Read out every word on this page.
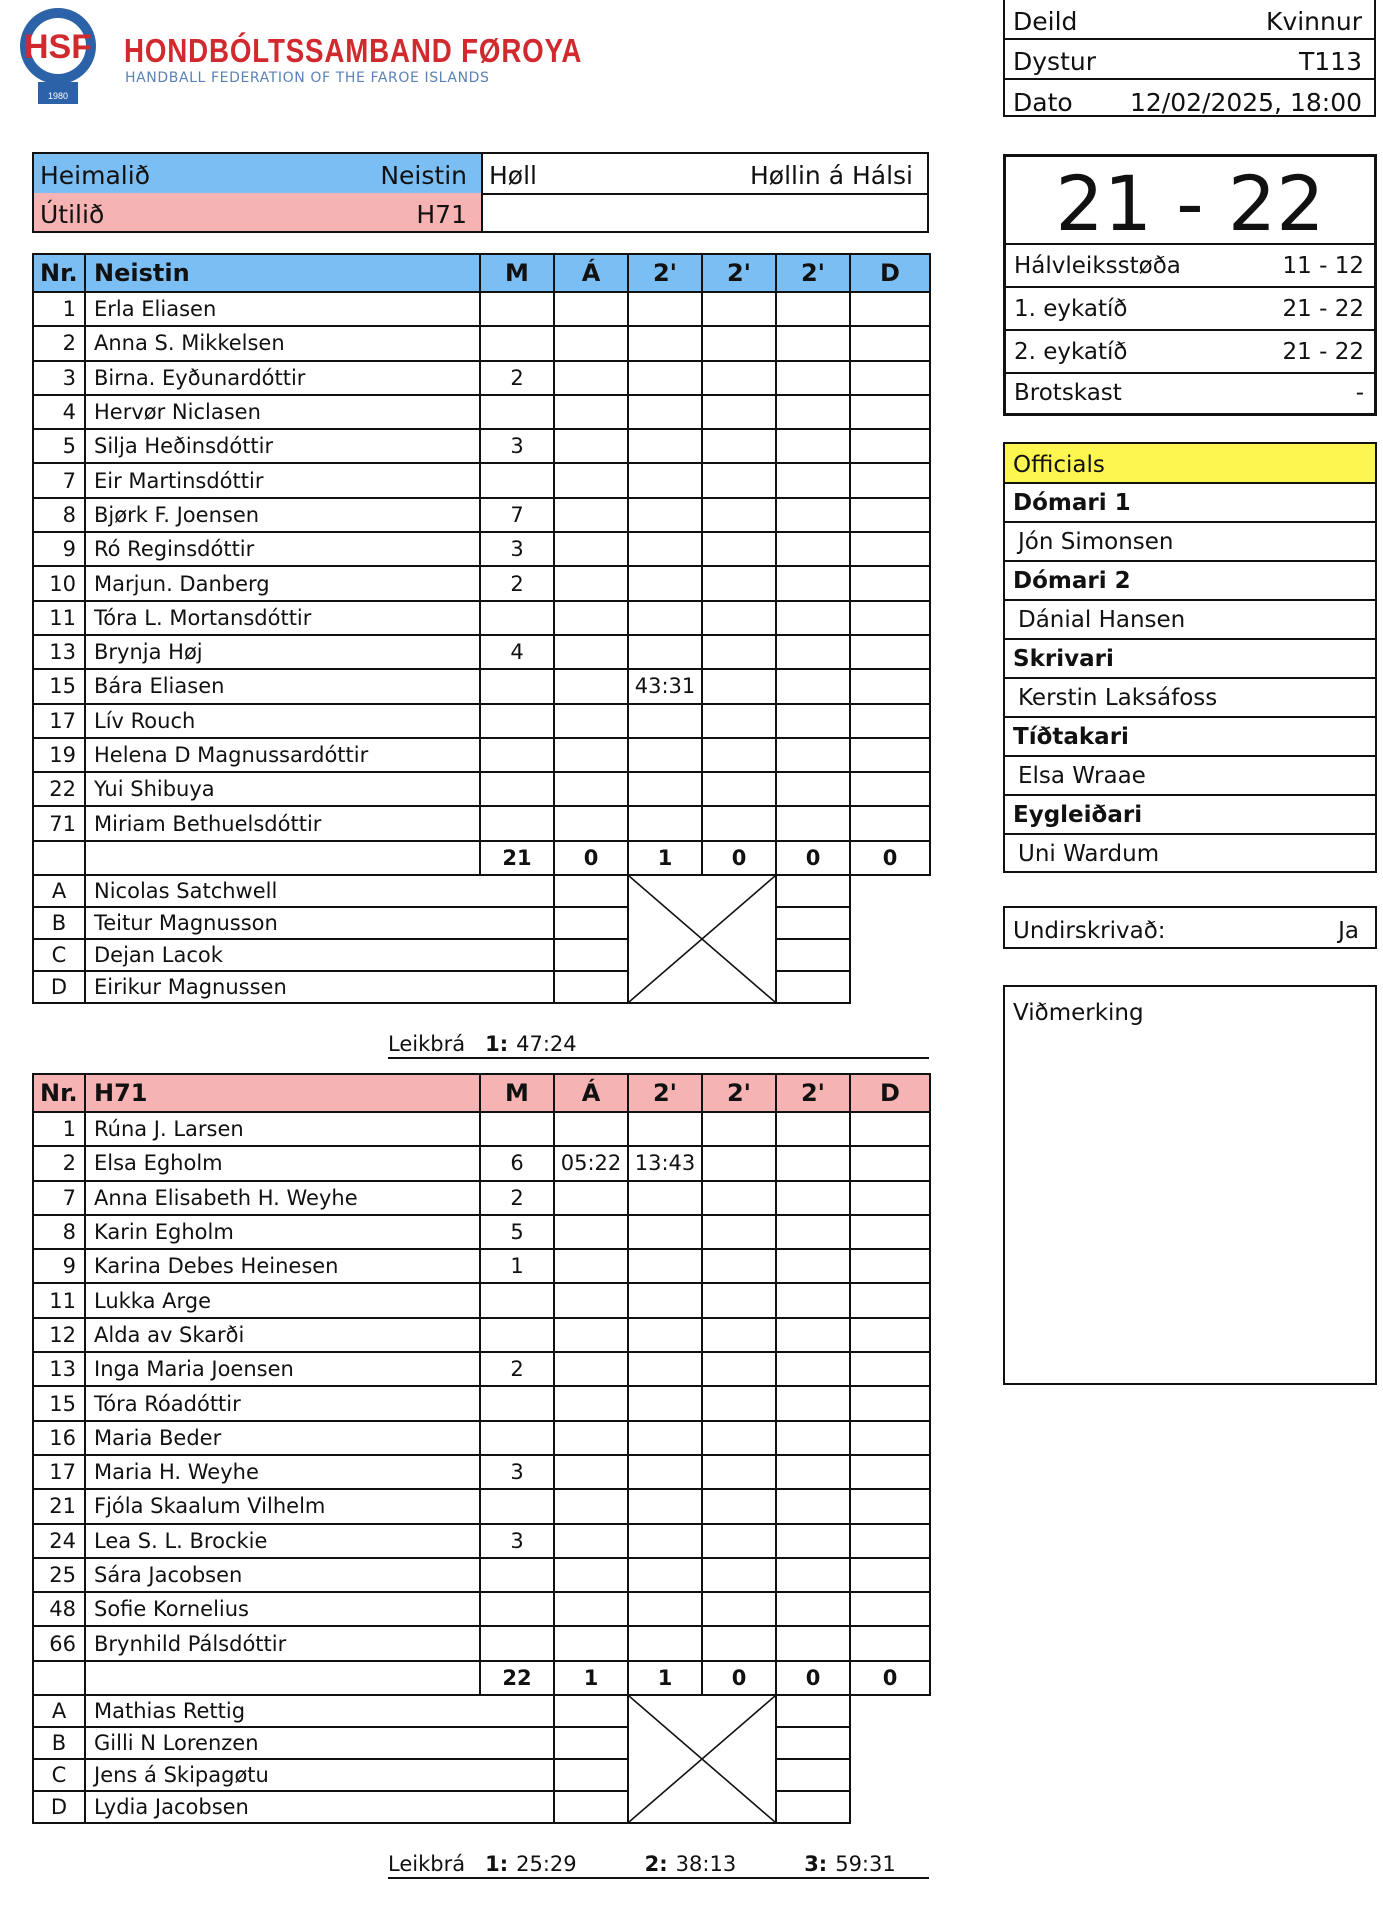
HSF
1980
HONDBÓLTSSAMBAND FØROYA
HANDBALL FEDERATION OF THE FAROE ISLANDS
Deild	Kvinnur
Dystur	T113
Dato 12/02/2025, 18:00
Heimalið	Neistin
Útilið	H71
Høll	Høllin á Hálsi
Nr.	Neistin	M	Á	2'	2'	2'	D
1	Erla Eliasen						
2	Anna S. Mikkelsen						
3	Birna. Eyðunardóttir	2					
4	Hervør Niclasen						
5	Silja Heðinsdóttir	3					
7	Eir Martinsdóttir						
8	Bjørk F. Joensen	7					
9	Ró Reginsdóttir	3					
10	Marjun. Danberg	2					
11	Tóra L. Mortansdóttir						
13	Brynja Høj	4					
15	Bára Eliasen			43:31			
17	Lív Rouch						
19	Helena D Magnussardóttir						
22	Yui Shibuya						
71	Miriam Bethuelsdóttir						
		21	0	1	0	0	0
A	Nicolas Satchwell		

B	Teitur Magnusson						
C	Dejan Lacok						
D	Eirikur Magnussen						
Leikbrá 1: 47:24
Nr.	H71	M	Á	2'	2'	2'	D
1	Rúna J. Larsen						
2	Elsa Egholm	6	05:22	13:43			
7	Anna Elisabeth H. Weyhe	2					
8	Karin Egholm	5					
9	Karina Debes Heinesen	1					
11	Lukka Arge						
12	Alda av Skarði						
13	Inga Maria Joensen	2					
15	Tóra Róadóttir						
16	Maria Beder						
17	Maria H. Weyhe	3					
21	Fjóla Skaalum Vilhelm						
24	Lea S. L. Brockie	3					
25	Sára Jacobsen						
48	Sofie Kornelius						
66	Brynhild Pálsdóttir						
		22	1	1	0	0	0
A	Mathias Rettig		

B	Gilli N Lorenzen						
C	Jens á Skipagøtu						
D	Lydia Jacobsen						
Leikbrá 1: 25:29	2: 38:13	3: 59:31
21 - 22
Hálvleiksstøða	11 - 12
1. eykatíð	21 - 22
2. eykatíð	21 - 22
Brotskast	-
Officials
Dómari 1
Jón Simonsen
Dómari 2
Dánial Hansen
Skrivari
Kerstin Laksáfoss
Tíðtakari
Elsa Wraae
Eygleiðari
Uni Wardum
Undirskrivað:	Ja
Viðmerking
